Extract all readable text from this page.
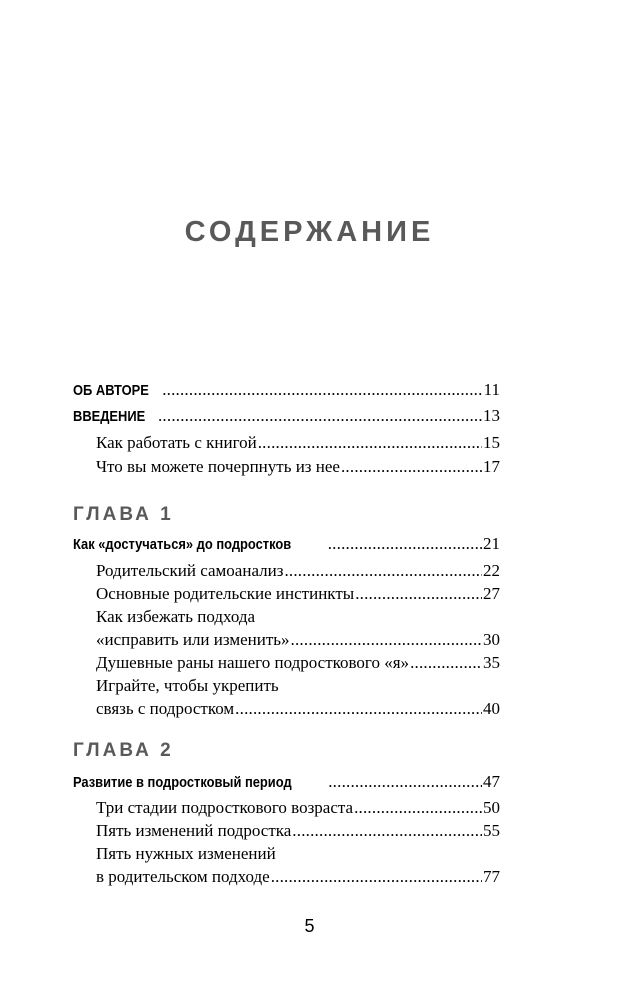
СОДЕРЖАНИЕ
ОБ АВТОРЕ .....	11
ВВЕДЕНИЕ .....	13
Как работать с книгой .....	15
Что вы можете почерпнуть из нее .....	17
ГЛАВА 1
Как «достучаться» до подростков .....	21
Родительский самоанализ .....	22
Основные родительские инстинкты .....	27
Как избежать подхода
«исправить или изменить» .....	30
Душевные раны нашего подросткового «я» .....	35
Играйте, чтобы укрепить
связь с подростком .....	40
ГЛАВА 2
Развитие в подростковый период .....	47
Три стадии подросткового возраста .....	50
Пять изменений подростка .....	55
Пять нужных изменений
в родительском подходе .....	77
5
